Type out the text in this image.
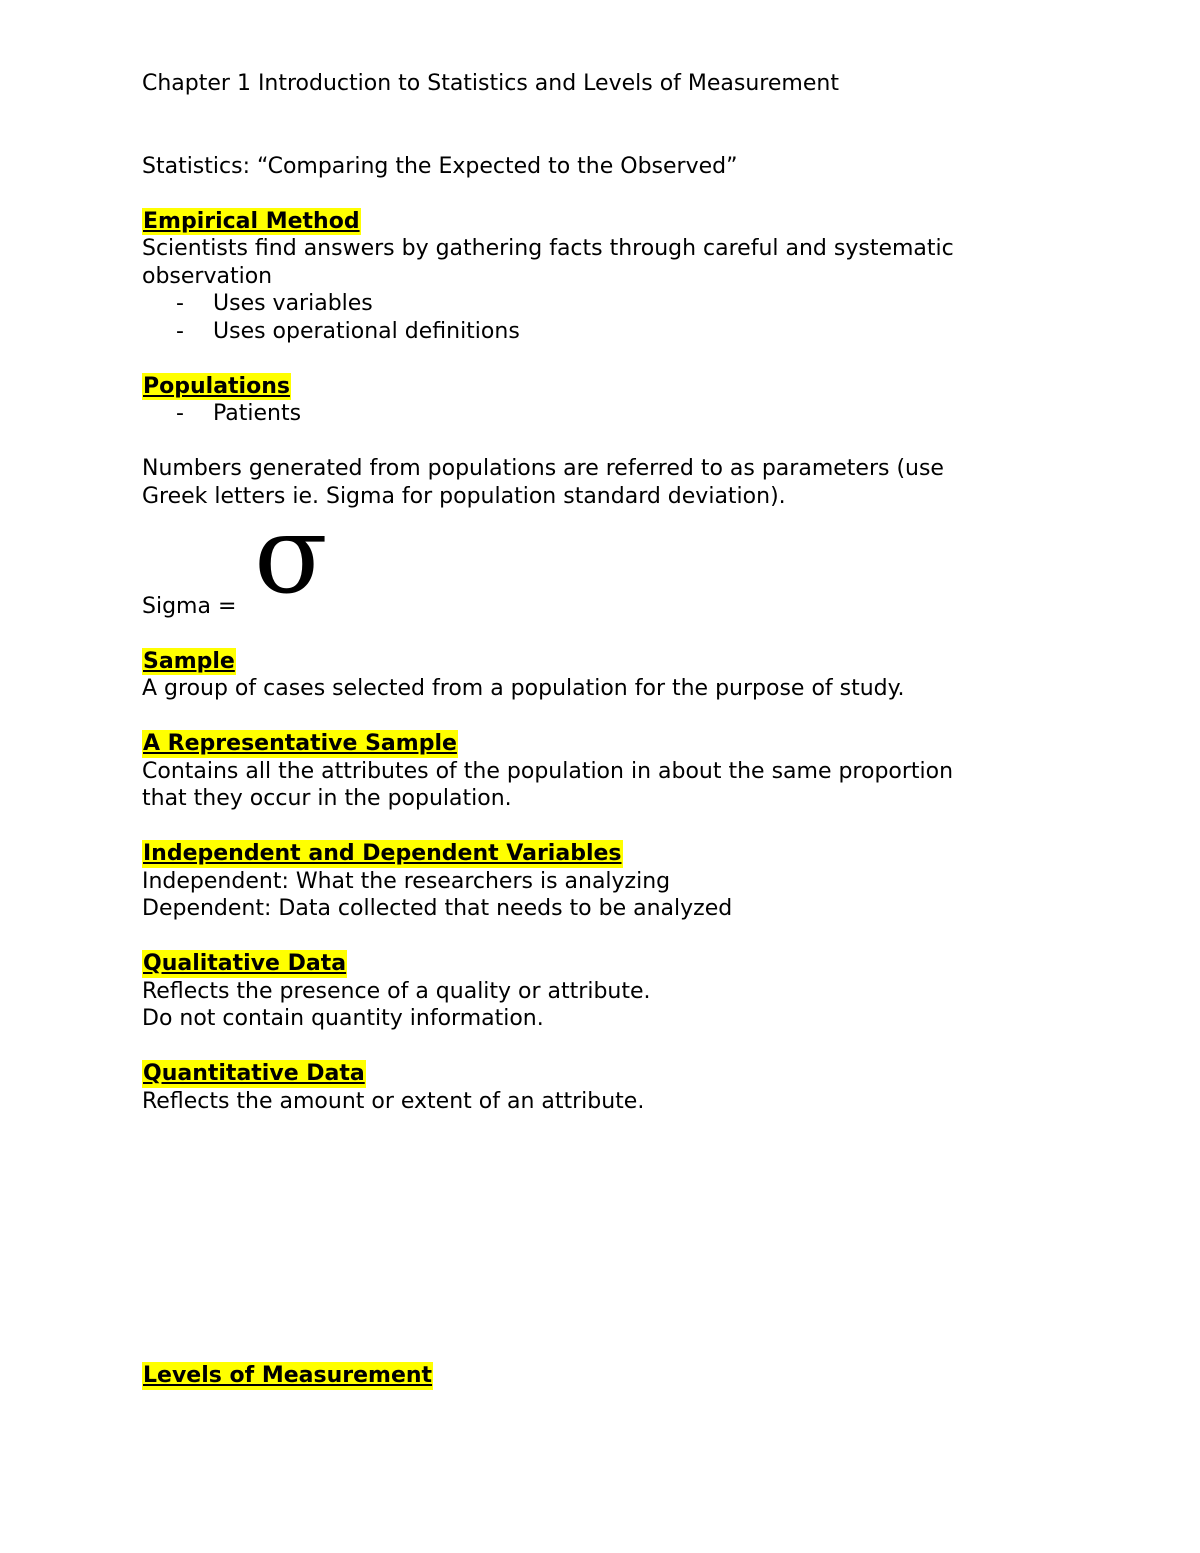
Chapter 1 Introduction to Statistics and Levels of Measurement
Statistics: “Comparing the Expected to the Observed”
Empirical Method
Scientists find answers by gathering facts through careful and systematic
observation
- Uses variables
- Uses operational definitions
Populations
- Patients
Numbers generated from populations are referred to as parameters (use
Greek letters ie. Sigma for population standard deviation).
Sigma = σ
Sample
A group of cases selected from a population for the purpose of study.
A Representative Sample
Contains all the attributes of the population in about the same proportion
that they occur in the population.
Independent and Dependent Variables
Independent: What the researchers is analyzing
Dependent: Data collected that needs to be analyzed
Qualitative Data
Reflects the presence of a quality or attribute.
Do not contain quantity information.
Quantitative Data
Reflects the amount or extent of an attribute.
Levels of Measurement
